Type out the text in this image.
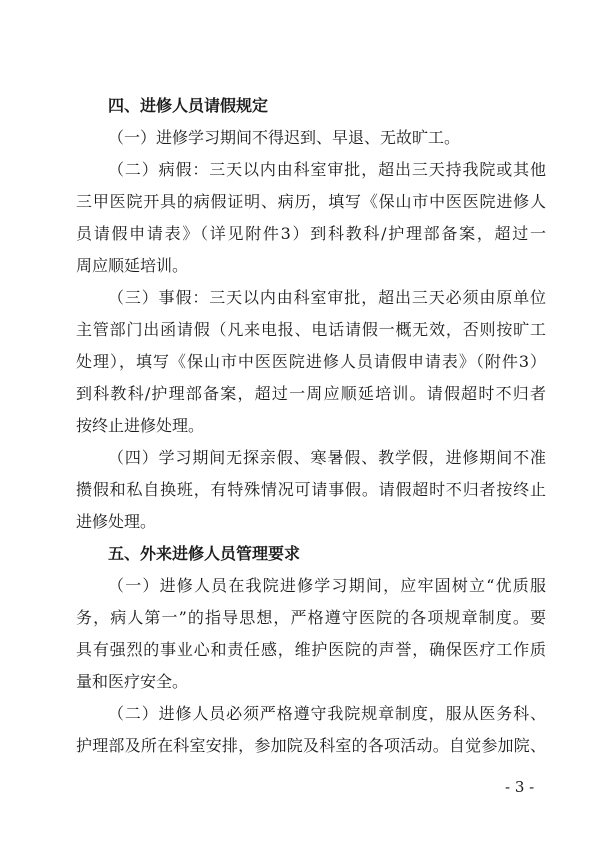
四、进修人员请假规定
（一）进修学习期间不得迟到、早退、无故旷工。
（二）病假：三天以内由科室审批，超出三天持我院或其他
三甲医院开具的病假证明、病历，填写《保山市中医医院进修人
员请假申请表》（详见附件3）到科教科/护理部备案，超过一
周应顺延培训。
（三）事假：三天以内由科室审批，超出三天必须由原单位
主管部门出函请假（凡来电报、电话请假一概无效，否则按旷工
处理），填写《保山市中医医院进修人员请假申请表》（附件3）
到科教科/护理部备案，超过一周应顺延培训。请假超时不归者
按终止进修处理。
（四）学习期间无探亲假、寒暑假、教学假，进修期间不准
攒假和私自换班，有特殊情况可请事假。请假超时不归者按终止
进修处理。
五、外来进修人员管理要求
（一）进修人员在我院进修学习期间，应牢固树立“优质服
务，病人第一”的指导思想，严格遵守医院的各项规章制度。要
具有强烈的事业心和责任感，维护医院的声誉，确保医疗工作质
量和医疗安全。
（二）进修人员必须严格遵守我院规章制度，服从医务科、
护理部及所在科室安排，参加院及科室的各项活动。自觉参加院、
- 3 -
